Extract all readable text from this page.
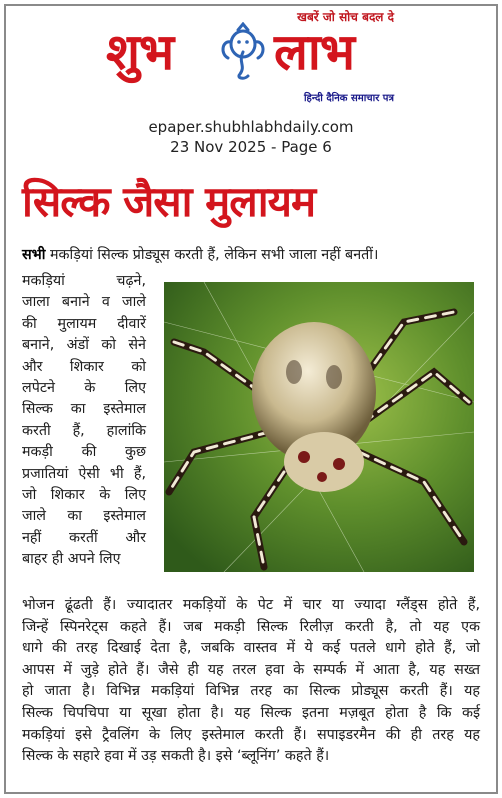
खबरें जो सोच बदल दे
शुभ लाभ
हिन्दी दैनिक समाचार पत्र
epaper.shubhlabhdaily.com
23 Nov 2025 - Page 6
सिल्क जैसा मुलायम
सभी मकड़ियां सिल्क प्रोड्यूस करती हैं, लेकिन सभी जाला नहीं बनतीं।
मकड़ियां चढ़ने,
जाला बनाने व जाले
की मुलायम दीवारें
बनाने, अंडों को सेने
और शिकार को
लपेटने के लिए
सिल्क का इस्तेमाल
करती हैं, हालांकि
मकड़ी की कुछ
प्रजातियां ऐसी भी हैं,
जो शिकार के लिए
जाले का इस्तेमाल
नहीं करतीं और
बाहर ही अपने लिए
भोजन ढूंढती हैं। ज्यादातर मकड़ियों के पेट में चार या ज्यादा ग्लैंड्स होते हैं,
जिन्हें स्पिनरेट्स कहते हैं। जब मकड़ी सिल्क रिलीज़ करती है, तो यह एक
धागे की तरह दिखाई देता है, जबकि वास्तव में ये कई पतले धागे होते हैं, जो
आपस में जुड़े होते हैं। जैसे ही यह तरल हवा के सम्पर्क में आता है, यह सख्त
हो जाता है। विभिन्न मकड़ियां विभिन्न तरह का सिल्क प्रोड्यूस करती हैं। यह
सिल्क चिपचिपा या सूखा होता है। यह सिल्क इतना मज़बूत होता है कि कई
मकड़ियां इसे ट्रैवलिंग के लिए इस्तेमाल करती हैं। सपाइडरमैन की ही तरह यह
सिल्क के सहारे हवा में उड़ सकती है। इसे ‘ब्लूनिंग’ कहते हैं।
